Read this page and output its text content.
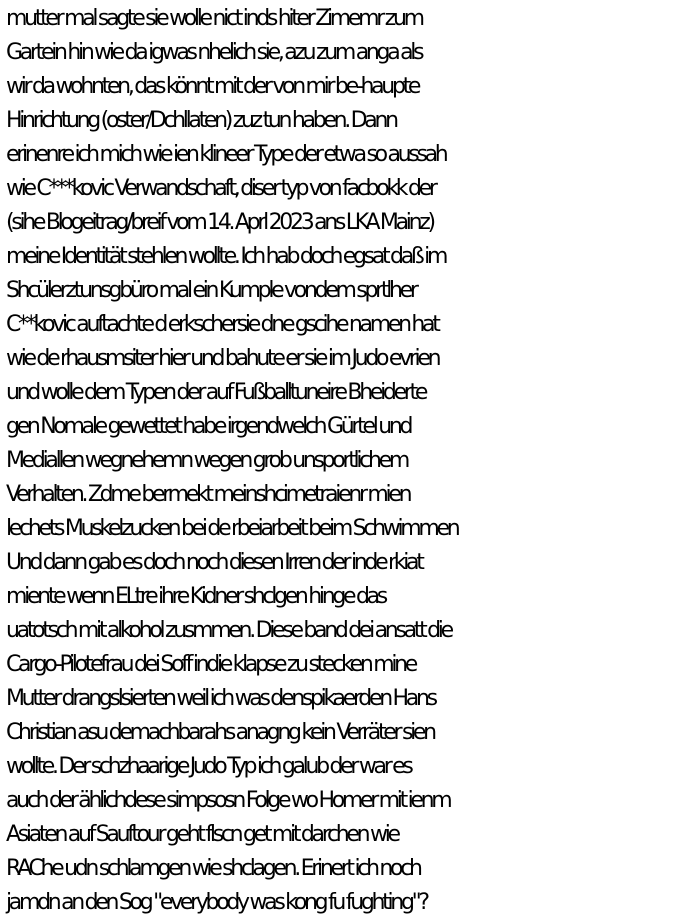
mutter mal sagte sie wolle nict inds hiter Zimemr zum
Gartein hin wie da igwas nhelich sie, azu zum anga als
wir da wohnten, das könnt mit der von mir be-haupte
Hinrichtung (oster/Dchllaten) zuz tun haben. Dann
erinenre ich mich wie ien klineer Type der etwa so aussah
wie C***kovic Verwandschaft, diser typ von facbokk der
(sihe Blogeitrag/breif vom 14. Aprl 2023 ans LKA Mainz)
meine Identität stehlen wollte. Ich hab doch egsat daß im
Shcülerztunsgbüro mal ein Kumple vondem sprtlher
C**kovic auftachte d erkschersie dne gscihe namen hat
wie de rhausmsiter hier und bahute er sie im Judo evrien
und wolle dem Typen der auf Fußballtuneire Bheiderte
gen Nomale gewettet habe irgendwelch Gürtel und
Mediallen wegnehemn wegen grob unsportlichem
Verhalten. Zdme bermekt meinshcimetraienr mien
lechets Muskelzucken bei de rbeiarbeit beim Schwimmen
Und dann gab es doch noch diesen Irren der inde rkiat
miente wenn ELtre ihre Kidner shclgen hinge das
uatotsch mit alkohol zusmmen. Diese band dei ansatt die
Cargo-Pilotefrau dei Soff indie klapse zu stecken mine
Mutter drangslsierten weil ich was denspikaerden Hans
Christian asu demachbarahs anagng kein Verräter sien
wollte. Der schzhaarige Judo Typ ich galub der war es
auch der ählichdese simpsosn Folge wo Homer mit ienm
Asiaten auf Sauftour geht flscn get mit darchen wie
RAChe udn schlamgen wie shclagen. Erinert ich noch
jamdn an den Sog "everybody was kong fu fughting"?
